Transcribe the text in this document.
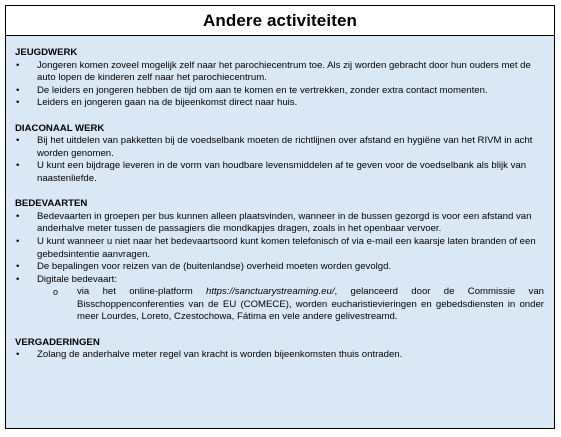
Andere activiteiten
JEUGDWERK
• Jongeren komen zoveel mogelijk zelf naar het parochiecentrum toe. Als zij worden gebracht door hun ouders met de auto lopen de kinderen zelf naar het parochiecentrum.
• De leiders en jongeren hebben de tijd om aan te komen en te vertrekken, zonder extra contact momenten.
• Leiders en jongeren gaan na de bijeenkomst direct naar huis.
DIACONAAL WERK
• Bij het uitdelen van pakketten bij de voedselbank moeten de richtlijnen over afstand en hygiëne van het RIVM in acht worden genomen.
• U kunt een bijdrage leveren in de vorm van houdbare levensmiddelen af te geven voor de voedselbank als blijk van naastenliefde.
BEDEVAARTEN
• Bedevaarten in groepen per bus kunnen alleen plaatsvinden, wanneer in de bussen gezorgd is voor een afstand van anderhalve meter tussen de passagiers die mondkapjes dragen, zoals in het openbaar vervoer.
• U kunt wanneer u niet naar het bedevaartsoord kunt komen telefonisch of via e-mail een kaarsje laten branden of een gebedsintentie aanvragen.
• De bepalingen voor reizen van de (buitenlandse) overheid moeten worden gevolgd.
• Digitale bedevaart:
o via het online-platform https://sanctuarystreaming.eu/, gelanceerd door de Commissie van Bisschoppenconferenties van de EU (COMECE), worden eucharistievieringen en gebedsdiensten in onder meer Lourdes, Loreto, Czestochowa, Fátima en vele andere gelivestreamd.
VERGADERINGEN
• Zolang de anderhalve meter regel van kracht is worden bijeenkomsten thuis ontraden.
